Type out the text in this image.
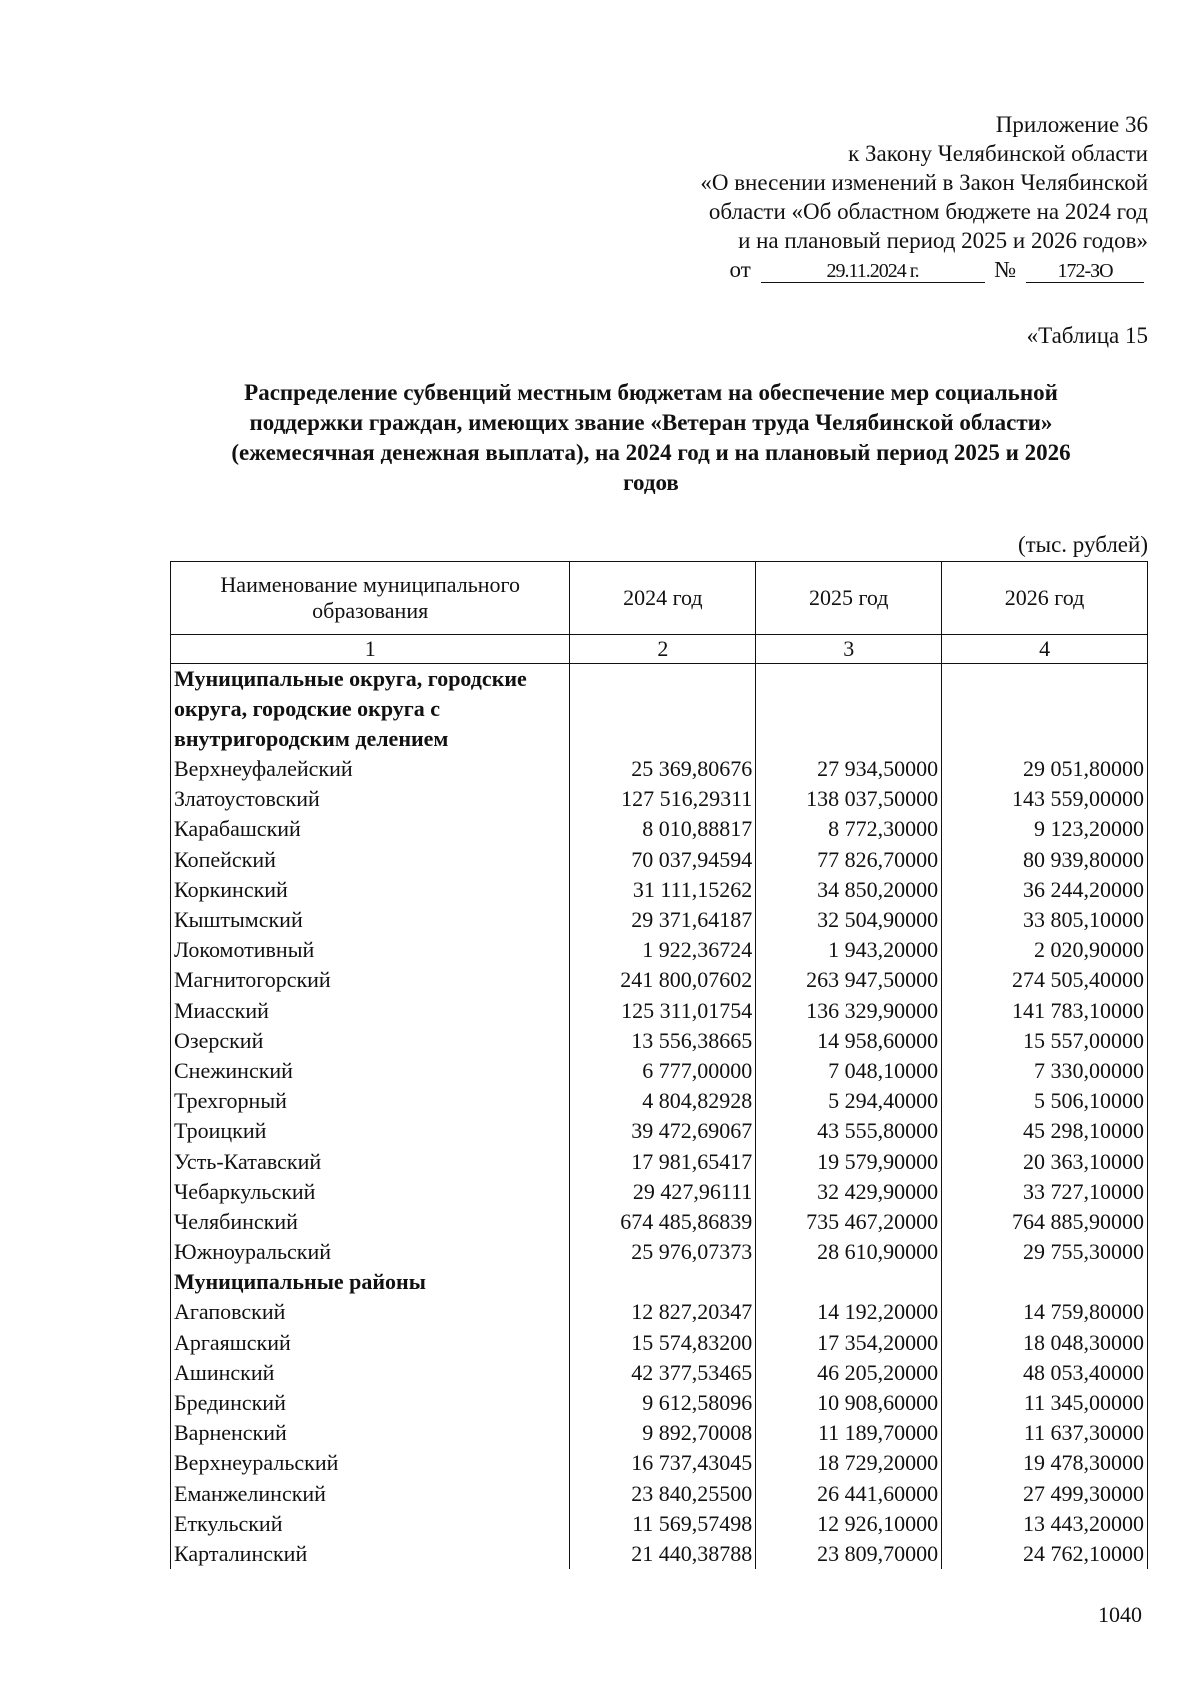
Приложение 36
к Закону Челябинской области
«О внесении изменений в Закон Челябинской
области «Об областном бюджете на 2024 год
и на плановый период 2025 и 2026 годов»
от	29.11.2024 г.	№ 172-ЗО
«Таблица 15
Распределение субвенций местным бюджетам на обеспечение мер социальной
поддержки граждан, имеющих звание «Ветеран труда Челябинской области»
(ежемесячная денежная выплата), на 2024 год и на плановый период 2025 и 2026
годов
(тыс. рублей)
Наименование муниципального образования	2024 год	2025 год	2026 год
1	2	3	4
Муниципальные округа, городские округа, городские округа с внутригородским делением			
Верхнеуфалейский	25 369,80676	27 934,50000	29 051,80000
Златоустовский	127 516,29311	138 037,50000	143 559,00000
Карабашский	8 010,88817	8 772,30000	9 123,20000
Копейский	70 037,94594	77 826,70000	80 939,80000
Коркинский	31 111,15262	34 850,20000	36 244,20000
Кыштымский	29 371,64187	32 504,90000	33 805,10000
Локомотивный	1 922,36724	1 943,20000	2 020,90000
Магнитогорский	241 800,07602	263 947,50000	274 505,40000
Миасский	125 311,01754	136 329,90000	141 783,10000
Озерский	13 556,38665	14 958,60000	15 557,00000
Снежинский	6 777,00000	7 048,10000	7 330,00000
Трехгорный	4 804,82928	5 294,40000	5 506,10000
Троицкий	39 472,69067	43 555,80000	45 298,10000
Усть-Катавский	17 981,65417	19 579,90000	20 363,10000
Чебаркульский	29 427,96111	32 429,90000	33 727,10000
Челябинский	674 485,86839	735 467,20000	764 885,90000
Южноуральский	25 976,07373	28 610,90000	29 755,30000
Муниципальные районы			
Агаповский	12 827,20347	14 192,20000	14 759,80000
Аргаяшский	15 574,83200	17 354,20000	18 048,30000
Ашинский	42 377,53465	46 205,20000	48 053,40000
Брединский	9 612,58096	10 908,60000	11 345,00000
Варненский	9 892,70008	11 189,70000	11 637,30000
Верхнеуральский	16 737,43045	18 729,20000	19 478,30000
Еманжелинский	23 840,25500	26 441,60000	27 499,30000
Еткульский	11 569,57498	12 926,10000	13 443,20000
Карталинский	21 440,38788	23 809,70000	24 762,10000
1040
